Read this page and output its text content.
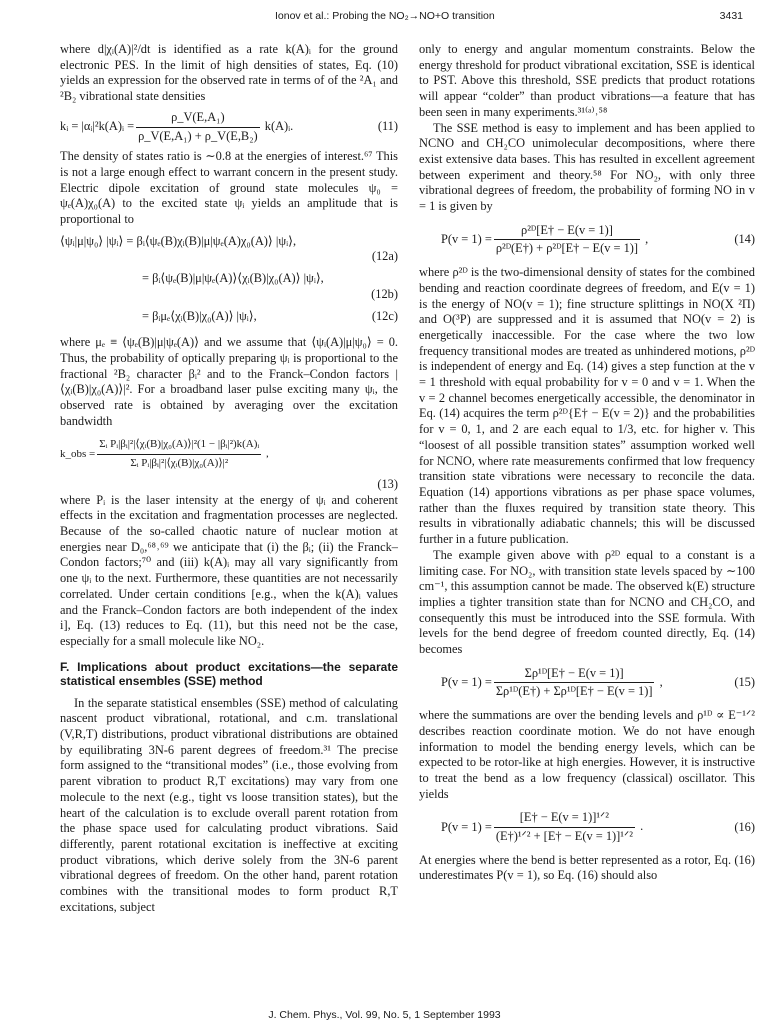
Ionov et al.: Probing the NO₂→NO+O transition	3431

where d|χᵢ(A)|²/dt is identified as a rate k(A)ᵢ for the ground electronic PES. In the limit of high densities of states, Eq. (10) yields an expression for the observed rate in terms of of the ²A₁ and ²B₂ vibrational state densities

kᵢ = |αᵢ|²k(A)ᵢ = $\frac{\text{ρ\_V(E,A₁)}}{\text{ρ\_V(E,A₁) + ρ\_V(E,B₂)}}$ k(A)ᵢ.	(11)

The density of states ratio is ∼0.8 at the energies of interest.⁶⁷ This is not a large enough effect to warrant concern in the present study. Electric dipole excitation of ground state molecules ψ₀ = ψₑ(A)χ₀(A) to the excited state ψᵢ yields an amplitude that is proportional to

⟨ψᵢ|μ|ψ₀⟩ |ψᵢ⟩ = βᵢ⟨ψₑ(B)χᵢ(B)|μ|ψₑ(A)χ₀(A)⟩ |ψᵢ⟩,
(12a)
= βᵢ⟨ψₑ(B)|μ|ψₑ(A)⟩⟨χᵢ(B)|χ₀(A)⟩ |ψᵢ⟩,
(12b)
= βᵢμₑ⟨χᵢ(B)|χ₀(A)⟩ |ψᵢ⟩,	(12c)

where μₑ ≡ ⟨ψₑ(B)|μ|ψₑ(A)⟩ and we assume that ⟨ψᵢ(A)|μ|ψ₀⟩ = 0. Thus, the probability of optically preparing ψᵢ is proportional to the fractional ²B₂ character βᵢ² and to the Franck–Condon factors |⟨χᵢ(B)|χ₀(A)⟩|². For a broadband laser pulse exciting many ψᵢ, the observed rate is obtained by averaging over the excitation bandwidth

k_obs = $\frac{\text{Σᵢ Pᵢ|βᵢ|²|⟨χᵢ(B)|χ₀(A)⟩|²(1 − |βᵢ|²)k(A)ᵢ}}{\text{Σᵢ Pᵢ|βᵢ|²|⟨χᵢ(B)|χ₀(A)⟩|²}}$ ,
(13)

where Pᵢ is the laser intensity at the energy of ψᵢ and coherent effects in the excitation and fragmentation processes are neglected. Because of the so-called chaotic nature of nuclear motion at energies near D₀,⁶⁸˒⁶⁹ we anticipate that (i) the βᵢ; (ii) the Franck–Condon factors;⁷⁰ and (iii) k(A)ᵢ may all vary significantly from one ψᵢ to the next. Furthermore, these quantities are not necessarily correlated. Under certain conditions [e.g., when the k(A)ᵢ values and the Franck–Condon factors are both independent of the index i], Eq. (13) reduces to Eq. (11), but this need not be the case, especially for a small molecule like NO₂.

F. Implications about product excitations—the separate statistical ensembles (SSE) method

In the separate statistical ensembles (SSE) method of calculating nascent product vibrational, rotational, and c.m. translational (V,R,T) distributions, product vibrational distributions are obtained by equilibrating 3N-6 parent degrees of freedom.³¹ The precise form assigned to the “transitional modes” (i.e., those evolving from parent vibration to product R,T excitations) may vary from one molecule to the next (e.g., tight vs loose transition states), but the heart of the calculation is to exclude overall parent rotation from the phase space used for calculating product vibrations. Said differently, parent rotational excitation is ineffective at exciting product vibrations, which derive solely from the 3N-6 parent vibrational degrees of freedom. On the other hand, parent rotation combines with the transitional modes to form product R,T excitations, subject

only to energy and angular momentum constraints. Below the energy threshold for product vibrational excitation, SSE is identical to PST. Above this threshold, SSE predicts that product rotations will appear “colder” than product vibrations—a feature that has been seen in many experiments.³¹⁽ᵃ⁾˒⁵⁸

The SSE method is easy to implement and has been applied to NCNO and CH₂CO unimolecular decompositions, where there exist extensive data bases. This has resulted in excellent agreement between experiment and theory.⁵⁸ For NO₂, with only three vibrational degrees of freedom, the probability of forming NO in v = 1 is given by

$P(v = 1) = \frac{\text{ρ²ᴰ[E† − E(v = 1)]}}{\text{ρ²ᴰ(E†) + ρ²ᴰ[E† − E(v = 1)]}}$ ,	(14)

where ρ²ᴰ is the two-dimensional density of states for the combined bending and reaction coordinate degrees of freedom, and E(v = 1) is the energy of NO(v = 1); fine structure splittings in NO(X ²Π) and O(³P) are suppressed and it is assumed that NO(v = 2) is energetically inaccessible. For the case where the two low frequency transitional modes are treated as unhindered motions, ρ²ᴰ is independent of energy and Eq. (14) gives a step function at the v = 1 threshold with equal probability for v = 0 and v = 1. When the v = 2 channel becomes energetically accessible, the denominator in Eq. (14) acquires the term ρ²ᴰ{E† − E(v = 2)} and the probabilities for v = 0, 1, and 2 are each equal to 1/3, etc. for higher v. This “loosest of all possible transition states” assumption worked well for NCNO, where rate measurements confirmed that low frequency transition state vibrations were necessary to reconcile the data. Equation (14) apportions vibrations as per phase space volumes, rather than the fluxes required by transition state theory. This results in vibrationally adiabatic channels; this will be discussed further in a future publication.

The example given above with ρ²ᴰ equal to a constant is a limiting case. For NO₂, with transition state levels spaced by ∼100 cm⁻¹, this assumption cannot be made. The observed k(E) structure implies a tighter transition state than for NCNO and CH₂CO, and consequently this must be introduced into the SSE formula. With levels for the bend degree of freedom counted directly, Eq. (14) becomes

$P(v = 1) = \frac{\text{Σρ¹ᴰ[E† − E(v = 1)]}}{\text{Σρ¹ᴰ(E†) + Σρ¹ᴰ[E† − E(v = 1)]}}$ ,	(15)

where the summations are over the bending levels and ρ¹ᴰ ∝ E⁻¹ᐟ² describes reaction coordinate motion. We do not have enough information to model the bending energy levels, which can be expected to be rotor-like at high energies. However, it is instructive to treat the bend as a low frequency (classical) oscillator. This yields

$P(v = 1) = \frac{\text{[E† − E(v = 1)]¹ᐟ²}}{\text{(E†)¹ᐟ² + [E† − E(v = 1)]¹ᐟ²}}$ .	(16)

At energies where the bend is better represented as a rotor, Eq. (16) underestimates P(v = 1), so Eq. (16) should also

J. Chem. Phys., Vol. 99, No. 5, 1 September 1993
